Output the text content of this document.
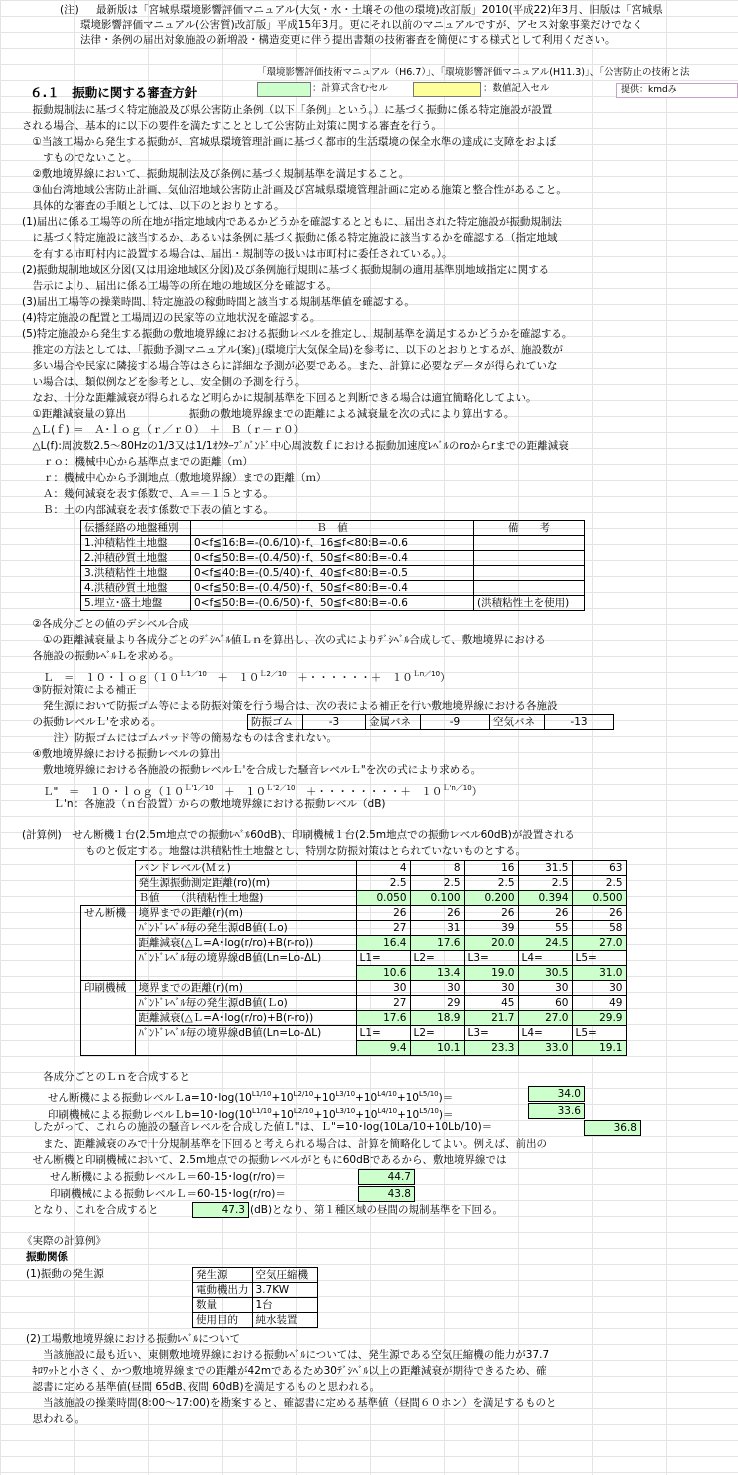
(注) 最新版は「宮城県環境影響評価マニュアル(大気・水・土壌その他の環境)改訂版」2010(平成22)年3月、旧版は「宮城県
環境影響評価マニュアル(公害質)改訂版」平成15年3月。更にそれ以前のマニュアルですが、アセス対象事業だけでなく
法律・条例の届出対象施設の新増設・構造変更に伴う提出書類の技術審査を簡便にする様式として利用ください。
「環境影響評価技術マニュアル（H6.7）」、「環境影響評価マニュアル(H11.3)」、「公害防止の技術と法
：計算式含むセル	：数値記入セル	提供：kmdみ
６.１　振動に関する審査方針
　振動規制法に基づく特定施設及び県公害防止条例（以下「条例」という。）に基づく振動に係る特定施設が設置
される場合、基本的に以下の要件を満たすこととして公害防止対策に関する審査を行う。
　①当該工場から発生する振動が、宮城県環境管理計画に基づく都市的生活環境の保全水準の達成に支障をおよぼ
　　すものでないこと。
　②敷地境界線において、振動規制法及び条例に基づく規制基準を満足すること。
　③仙台湾地域公害防止計画、気仙沼地域公害防止計画及び宮城県環境管理計画に定める施策と整合性があること。
　具体的な審査の手順としては、以下のとおりとする。
(1)届出に係る工場等の所在地が指定地域内であるかどうかを確認するとともに、届出された特定施設が振動規制法
　に基づく特定施設に該当するか、あるいは条例に基づく振動に係る特定施設に該当するかを確認する（指定地域
　を有する市町村内に設置する場合は、届出・規制等の扱いは市町村に委任されている。）。
(2)振動規制地域区分図(又は用途地域区分図)及び条例施行規則に基づく振動規制の適用基準別地域指定に関する
　告示により、届出に係る工場等の所在地の地域区分を確認する。
(3)届出工場等の操業時間、特定施設の稼動時間と該当する規制基準値を確認する。
(4)特定施設の配置と工場周辺の民家等の立地状況を確認する。
(5)特定施設から発生する振動の敷地境界線における振動レベルを推定し、規制基準を満足するかどうかを確認する。
　推定の方法としては、｢振動予測マニュアル(案)｣(環境庁大気保全局)を参考に、以下のとおりとするが、施設数が
　多い場合や民家に隣接する場合等はさらに詳細な予測が必要である。また、計算に必要なデータが得られていな
　い場合は、類似例などを参考とし、安全側の予測を行う。
　なお、十分な距離減衰が得られるなど明らかに規制基準を下回ると判断できる場合は適宜簡略化してよい。
　①距離減衰量の算出　　　　　　振動の敷地境界線までの距離による減衰量を次の式により算出する。
　△Ｌ(ｆ) ＝　Ａ･ｌｏｇ（ｒ／ｒ０）　＋　Ｂ（ｒ－ｒ０）
　△L(f):周波数2.5～80Hzの1/3又は1/1ｵｸﾀｰﾌﾞﾊﾞﾝﾄﾞ中心周波数ｆにおける振動加速度ﾚﾍﾞﾙのroからrまでの距離減衰
　　ｒｏ：機械中心から基準点までの距離（ｍ）
　　ｒ：機械中心から予測地点（敷地境界線）までの距離（ｍ）
　　Ａ：幾何減衰を表す係数で、Ａ＝－１５とする。
　　Ｂ：土の内部減衰を表す係数で下表の値とする。
伝播経路の地盤種別	Ｂ　値	備　　考
1.沖積粘性土地盤	0<f≦16:B=-(0.6/10)･f、16≦f<80:B=-0.6	
2.沖積砂質土地盤	0<f≦50:B=-(0.4/50)･f、50≦f<80:B=-0.4	
3.洪積粘性土地盤	0<f≦40:B=-(0.5/40)･f、40≦f<80:B=-0.5	
4.洪積砂質土地盤	0<f≦50:B=-(0.4/50)･f、50≦f<80:B=-0.4	
5.埋立･盛土地盤	0<f≦50:B=-(0.6/50)･f、50≦f<80:B=-0.6	(洪積粘性土を使用)
　②各成分ごとの値のデシベル合成
　　①の距離減衰量より各成分ごとのﾃﾞｼﾍﾞﾙ値Ｌｎを算出し、次の式によりﾃﾞｼﾍﾞﾙ合成して、敷地境界における
　各施設の振動ﾚﾍﾞﾙＬを求める。
　　Ｌ　＝　１０・$log(10^{L1/10}$　＋　$10^{L2/10}$　＋・・・・・・＋　$10^{Ln/10}$）
　③防振対策による補正
　　発生源において防振ゴム等による防振対策を行う場合は、次の表による補正を行い敷地境界線における各施設
　の振動レベルＬ'を求める。	防振ゴム	-3	金属バネ	-9	空気バネ	-13
　　　注）防振ゴムにはゴムパッド等の簡易なものは含まれない。
　④敷地境界線における振動レベルの算出
　　敷地境界線における各施設の振動レベルＬ'を合成した騒音レベルＬ"を次の式により求める。
　　Ｌ"　＝　１０・$log(10^{L'1/10}$　＋　$10^{L'2/10}$　＋・・・・・・・・＋　$10^{L'n/10}$）
　　　Ｌ'n：各施設（ｎ台設置）からの敷地境界線における振動レベル（dB)
(計算例)　せん断機１台(2.5m地点での振動ﾚﾍﾞﾙ60dB)、印刷機械１台(2.5m地点での振動レベル60dB)が設置される
　　　　　　ものと仮定する。地盤は洪積粘性土地盤とし、特別な防振対策はとられていないものとする。
	バンドレベル(Ｍｚ)	4	8	16	31.5	63
	発生源振動測定距離(ro)(m)	2.5	2.5	2.5	2.5	2.5
	Ｂ値　　（洪積粘性土地盤)	0.050	0.100	0.200	0.394	0.500
せん断機	境界までの距離(r)(m)	26	26	26	26	26
	ﾊﾞﾝﾄﾞﾚﾍﾞﾙ毎の発生源dB値(Ｌo)	27	31	39	55	58
	距離減衰(△Ｌ=A･log(r/ro)+B(r-ro))	16.4	17.6	20.0	24.5	27.0
	ﾊﾞﾝﾄﾞﾚﾍﾞﾙ毎の境界線dB値(Ln=Lo-ΔL)	L1=	L2=	L3=	L4=	L5=
		10.6	13.4	19.0	30.5	31.0
印刷機械	境界までの距離(r)(m)	30	30	30	30	30
	ﾊﾞﾝﾄﾞﾚﾍﾞﾙ毎の発生源dB値(Ｌo)	27	29	45	60	49
	距離減衰(△Ｌ=A･log(r/ro)+B(r-ro))	17.6	18.9	21.7	27.0	29.9
	ﾊﾞﾝﾄﾞﾚﾍﾞﾙ毎の境界線dB値(Ln=Lo-ΔL)	L1=	L2=	L3=	L4=	L5=
		9.4	10.1	23.3	33.0	19.1
　　各成分ごとのＬｎを合成すると
せん断機による振動レベルＬa=10･$\log(10^{L1/10}+10^{L2/10}+10^{L3/10}+10^{L4/10}+10^{L5/10})=$	34.0
印刷機械による振動レベルＬb=10･$\log(10^{L1/10}+10^{L2/10}+10^{L3/10}+10^{L4/10}+10^{L5/10})=$	33.6
　したがって、これらの施設の騒音レベルを合成した値Ｌ"は、Ｌ"=10･log(10La/10+10Lb/10)＝	36.8
　　また、距離減衰のみで十分規制基準を下回ると考えられる場合は、計算を簡略化してよい。例えば、前出の
　せん断機と印刷機械において、2.5m地点での振動レベルがともに60dBであるから、敷地境界線では
せん断機による振動レベルＬ＝60-15･log(r/ro)＝	44.7
印刷機械による振動レベルＬ＝60-15･log(r/ro)＝	43.8
　となり、これを合成すると	47.3 (dB)となり、第１種区域の昼間の規制基準を下回る。
《実際の計算例》
振動関係
(1)振動の発生源	発生源	空気圧縮機
電動機出力	3.7KW
数量	1台
使用目的	純水装置
(2)工場敷地境界線における振動ﾚﾍﾞﾙについて
　　当該施設に最も近い、東側敷地境界線における振動ﾚﾍﾞﾙについては、発生源である空気圧縮機の能力が37.7
　ｷﾛﾜｯﾄと小さく、かつ敷地境界線までの距離が42mであるため30ﾃﾞｼﾍﾞﾙ以上の距離減衰が期待できるため、確
　認書に定める基準値(昼間 65dB､夜間 60dB)を満足するものと思われる。
　　当該施設の操業時間(8:00～17:00)を勘案すると、確認書に定める基準値（昼間６０ホン）を満足するものと
　思われる。
